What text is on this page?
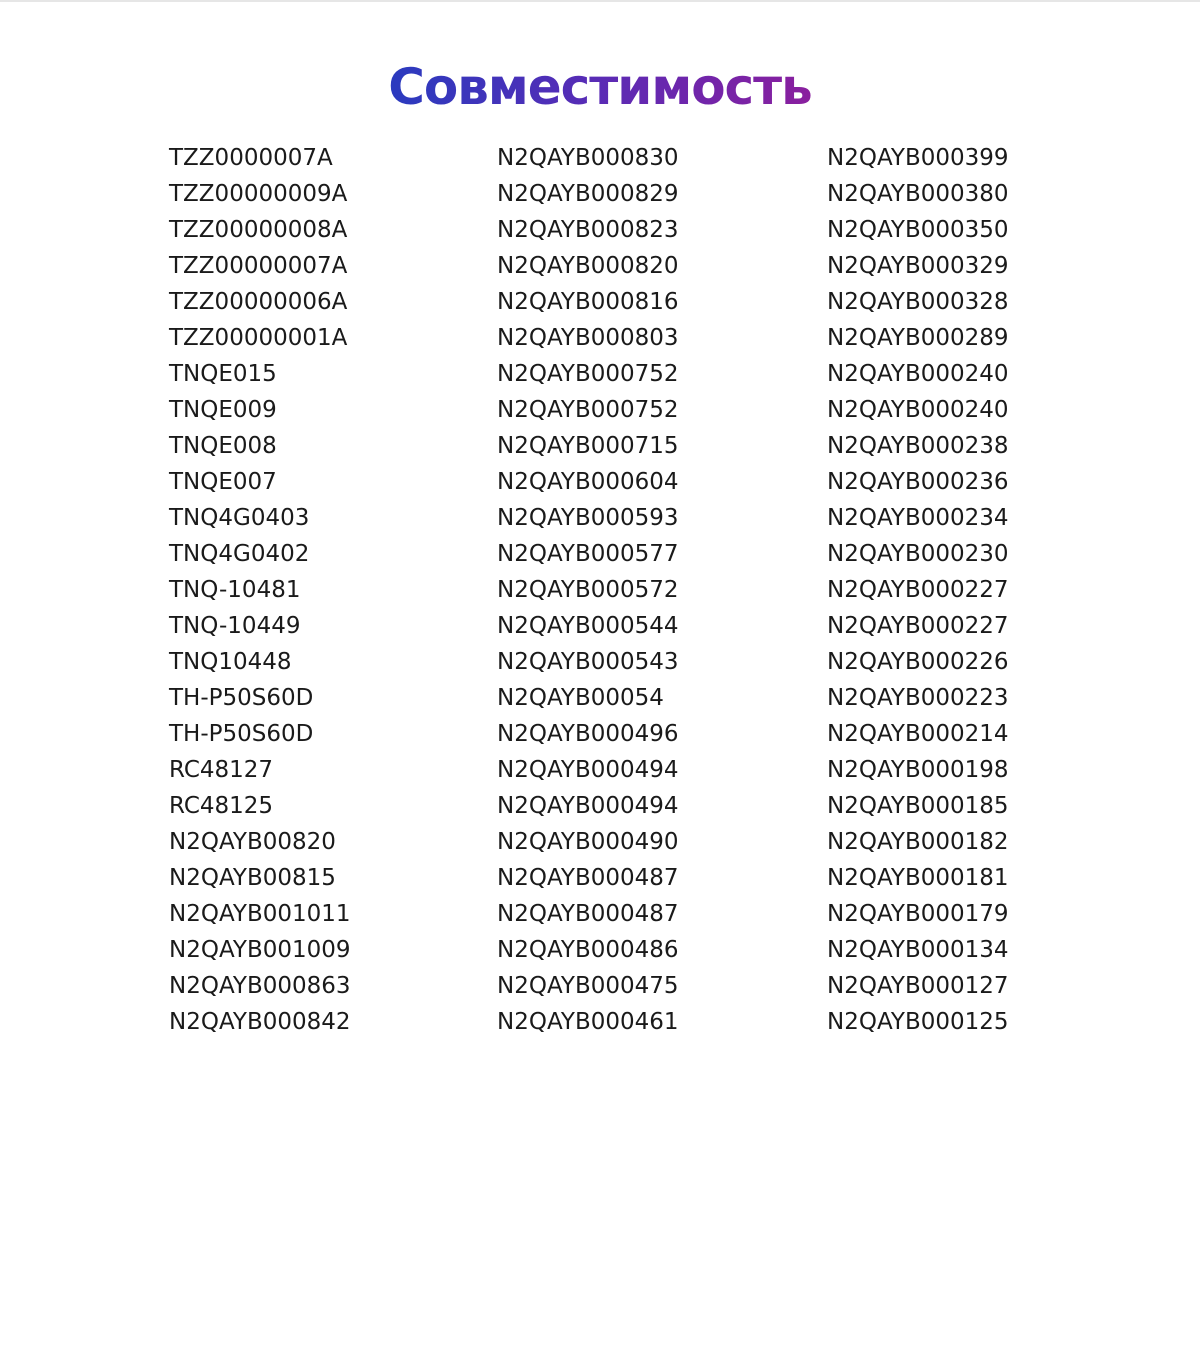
Совместимость
TZZ0000007A
TZZ00000009A
TZZ00000008A
TZZ00000007A
TZZ00000006A
TZZ00000001A
TNQE015
TNQE009
TNQE008
TNQE007
TNQ4G0403
TNQ4G0402
TNQ-10481
TNQ-10449
TNQ10448
TH-P50S60D
TH-P50S60D
RC48127
RC48125
N2QAYB00820
N2QAYB00815
N2QAYB001011
N2QAYB001009
N2QAYB000863
N2QAYB000842
N2QAYB000830
N2QAYB000829
N2QAYB000823
N2QAYB000820
N2QAYB000816
N2QAYB000803
N2QAYB000752
N2QAYB000752
N2QAYB000715
N2QAYB000604
N2QAYB000593
N2QAYB000577
N2QAYB000572
N2QAYB000544
N2QAYB000543
N2QAYB00054
N2QAYB000496
N2QAYB000494
N2QAYB000494
N2QAYB000490
N2QAYB000487
N2QAYB000487
N2QAYB000486
N2QAYB000475
N2QAYB000461
N2QAYB000399
N2QAYB000380
N2QAYB000350
N2QAYB000329
N2QAYB000328
N2QAYB000289
N2QAYB000240
N2QAYB000240
N2QAYB000238
N2QAYB000236
N2QAYB000234
N2QAYB000230
N2QAYB000227
N2QAYB000227
N2QAYB000226
N2QAYB000223
N2QAYB000214
N2QAYB000198
N2QAYB000185
N2QAYB000182
N2QAYB000181
N2QAYB000179
N2QAYB000134
N2QAYB000127
N2QAYB000125
